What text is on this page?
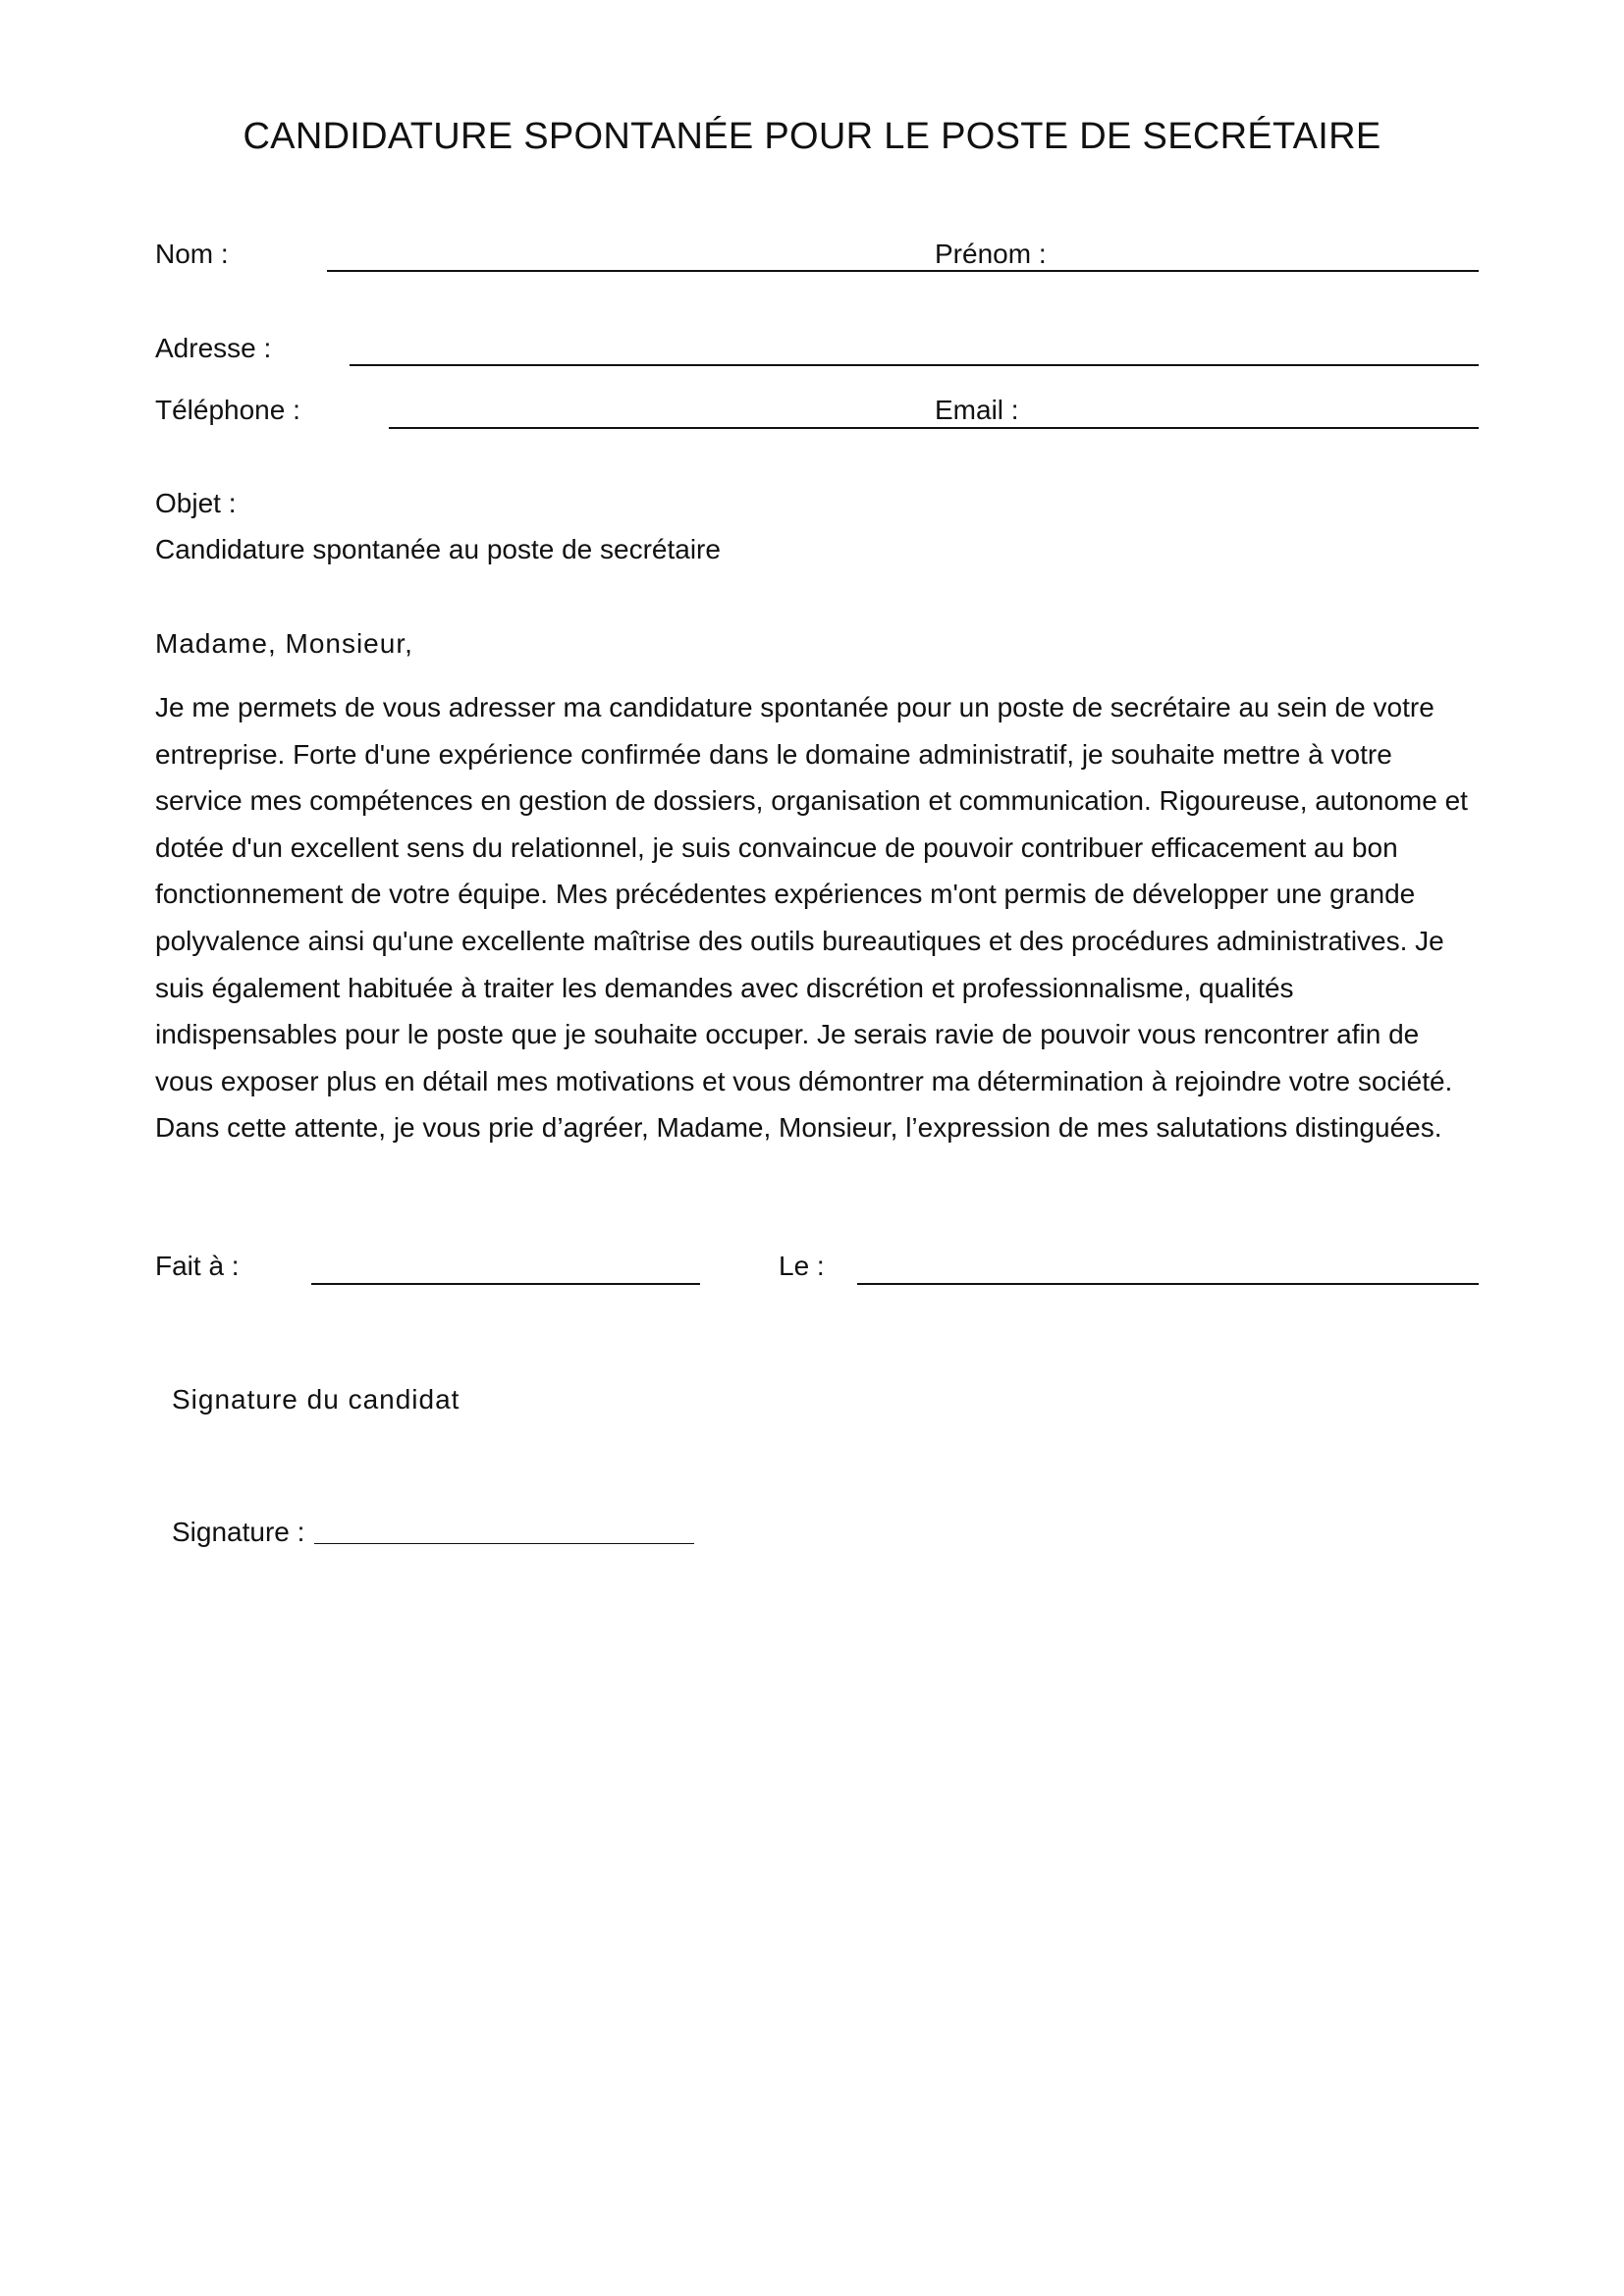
CANDIDATURE SPONTANÉE POUR LE POSTE DE SECRÉTAIRE
Nom :	Prénom :
Adresse :
Téléphone :	Email :
Objet :
Candidature spontanée au poste de secrétaire
Madame, Monsieur,
Je me permets de vous adresser ma candidature spontanée pour un poste de secrétaire au sein de votre
entreprise. Forte d'une expérience confirmée dans le domaine administratif, je souhaite mettre à votre
service mes compétences en gestion de dossiers, organisation et communication. Rigoureuse, autonome et
dotée d'un excellent sens du relationnel, je suis convaincue de pouvoir contribuer efficacement au bon
fonctionnement de votre équipe. Mes précédentes expériences m'ont permis de développer une grande
polyvalence ainsi qu'une excellente maîtrise des outils bureautiques et des procédures administratives. Je
suis également habituée à traiter les demandes avec discrétion et professionnalisme, qualités
indispensables pour le poste que je souhaite occuper. Je serais ravie de pouvoir vous rencontrer afin de
vous exposer plus en détail mes motivations et vous démontrer ma détermination à rejoindre votre société.
Dans cette attente, je vous prie d’agréer, Madame, Monsieur, l’expression de mes salutations distinguées.
Fait à :	Le :
Signature du candidat
Signature :
